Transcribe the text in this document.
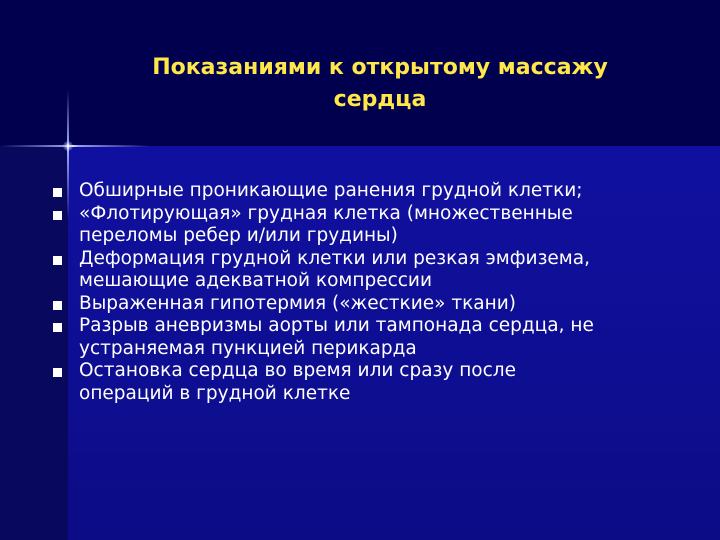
Показаниями к открытому массажу
сердца
Обширные проникающие ранения грудной клетки;
«Флотирующая» грудная клетка (множественные
переломы ребер и/или грудины)
Деформация грудной клетки или резкая эмфизема,
мешающие адекватной компрессии
Выраженная гипотермия («жесткие» ткани)
Разрыв аневризмы аорты или тампонада сердца, не
устраняемая пункцией перикарда
Остановка сердца во время или сразу после
операций в грудной клетке
